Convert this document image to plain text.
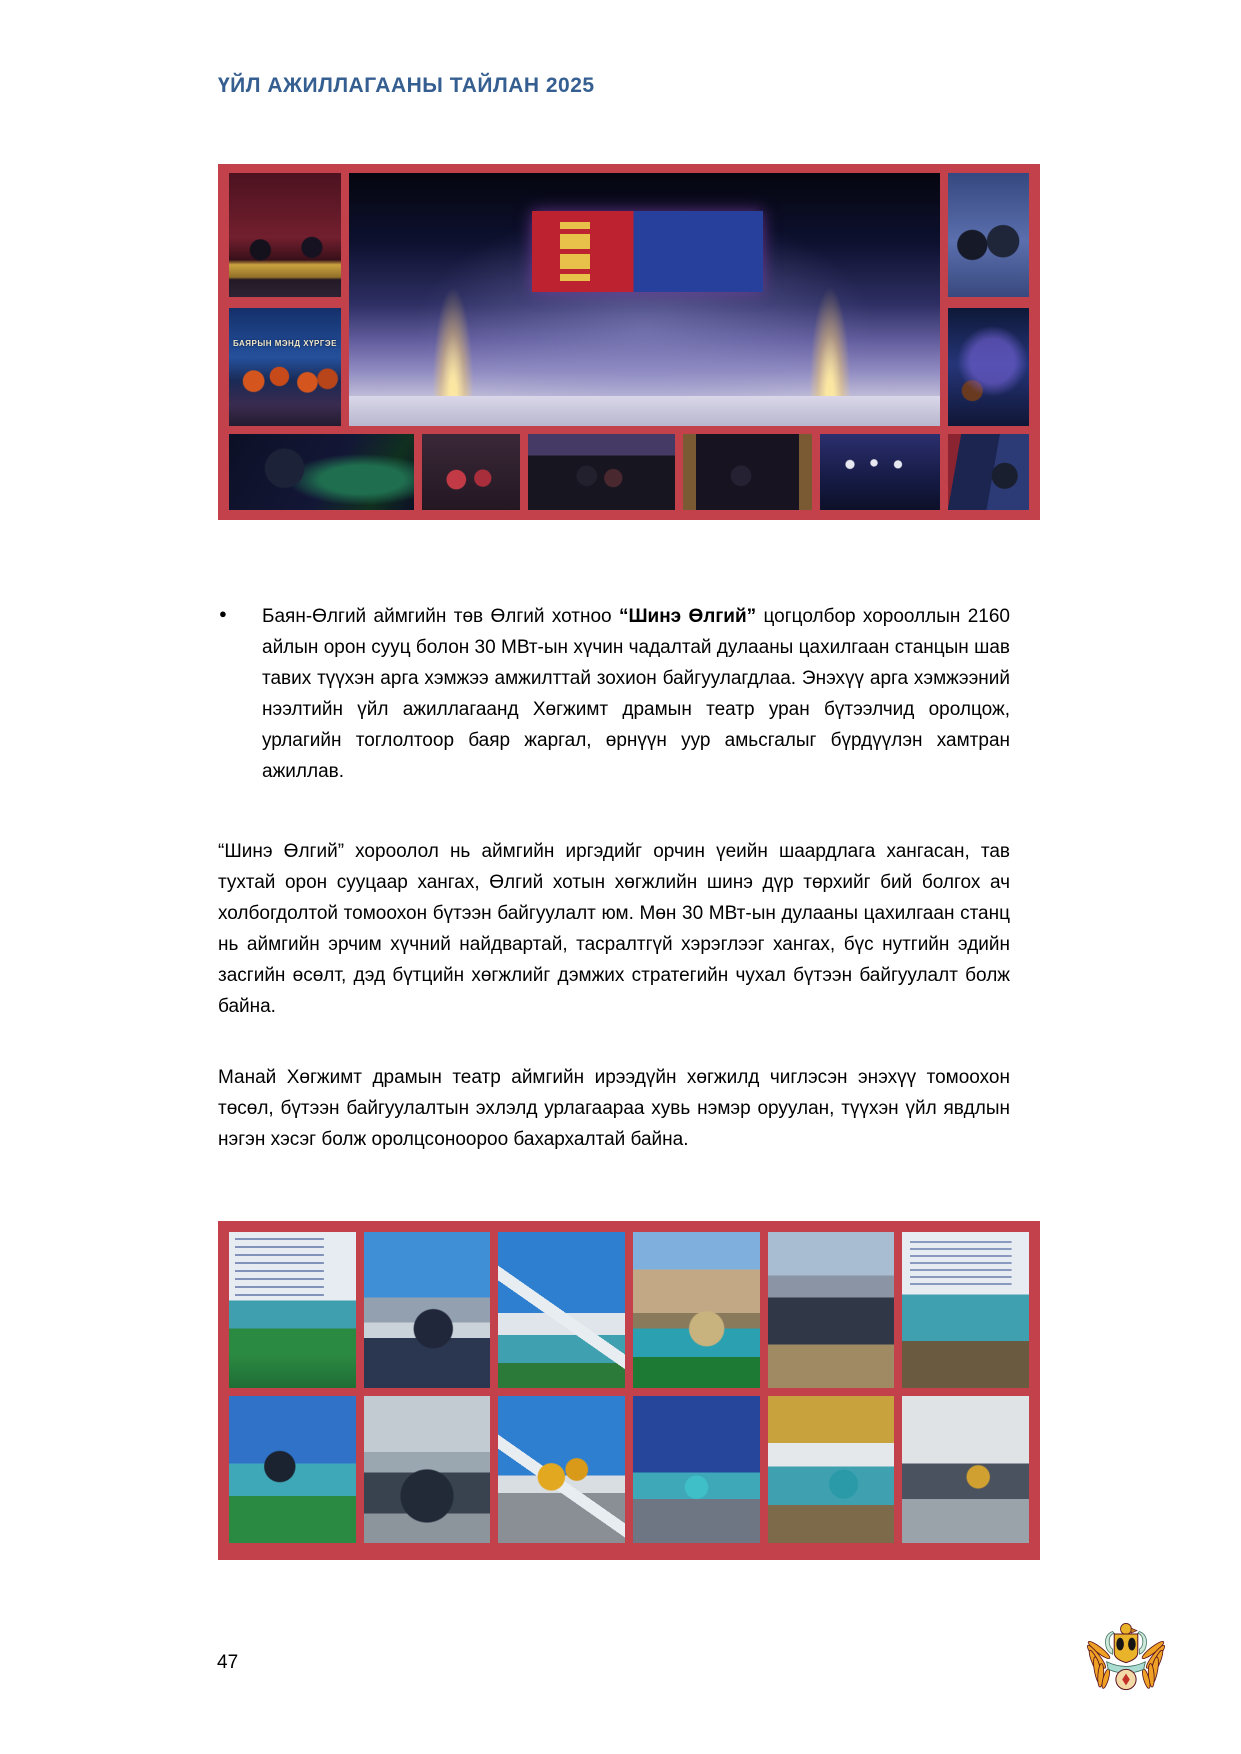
ҮЙЛ АЖИЛЛАГААНЫ ТАЙЛАН 2025
БАЯРЫН МЭНД ХҮРГЭЕ

● Баян-Өлгий аймгийн төв Өлгий хотноо “Шинэ Өлгий” цогцолбор хорооллын 2160 айлын орон сууц болон 30 МВт-ын хүчин чадалтай дулааны цахилгаан станцын шав тавих түүхэн арга хэмжээ амжилттай зохион байгуулагдлаа. Энэхүү арга хэмжээний нээлтийн үйл ажиллагаанд Хөгжимт драмын театр уран бүтээлчид оролцож, урлагийн тоглолтоор баяр жаргал, өрнүүн уур амьсгалыг бүрдүүлэн хамтран ажиллав.

“Шинэ Өлгий” хороолол нь аймгийн иргэдийг орчин үеийн шаардлага хангасан, тав тухтай орон сууцаар хангах, Өлгий хотын хөгжлийн шинэ дүр төрхийг бий болгох ач холбогдолтой томоохон бүтээн байгуулалт юм. Мөн 30 МВт-ын дулааны цахилгаан станц нь аймгийн эрчим хүчний найдвартай, тасралтгүй хэрэглээг хангах, бүс нутгийн эдийн засгийн өсөлт, дэд бүтцийн хөгжлийг дэмжих стратегийн чухал бүтээн байгуулалт болж байна.

Манай Хөгжимт драмын театр аймгийн ирээдүйн хөгжилд чиглэсэн энэхүү томоохон төсөл, бүтээн байгуулалтын эхлэлд урлагаараа хувь нэмэр оруулан, түүхэн үйл явдлын нэгэн хэсэг болж оролцсоноороо бахархалтай байна.

47
